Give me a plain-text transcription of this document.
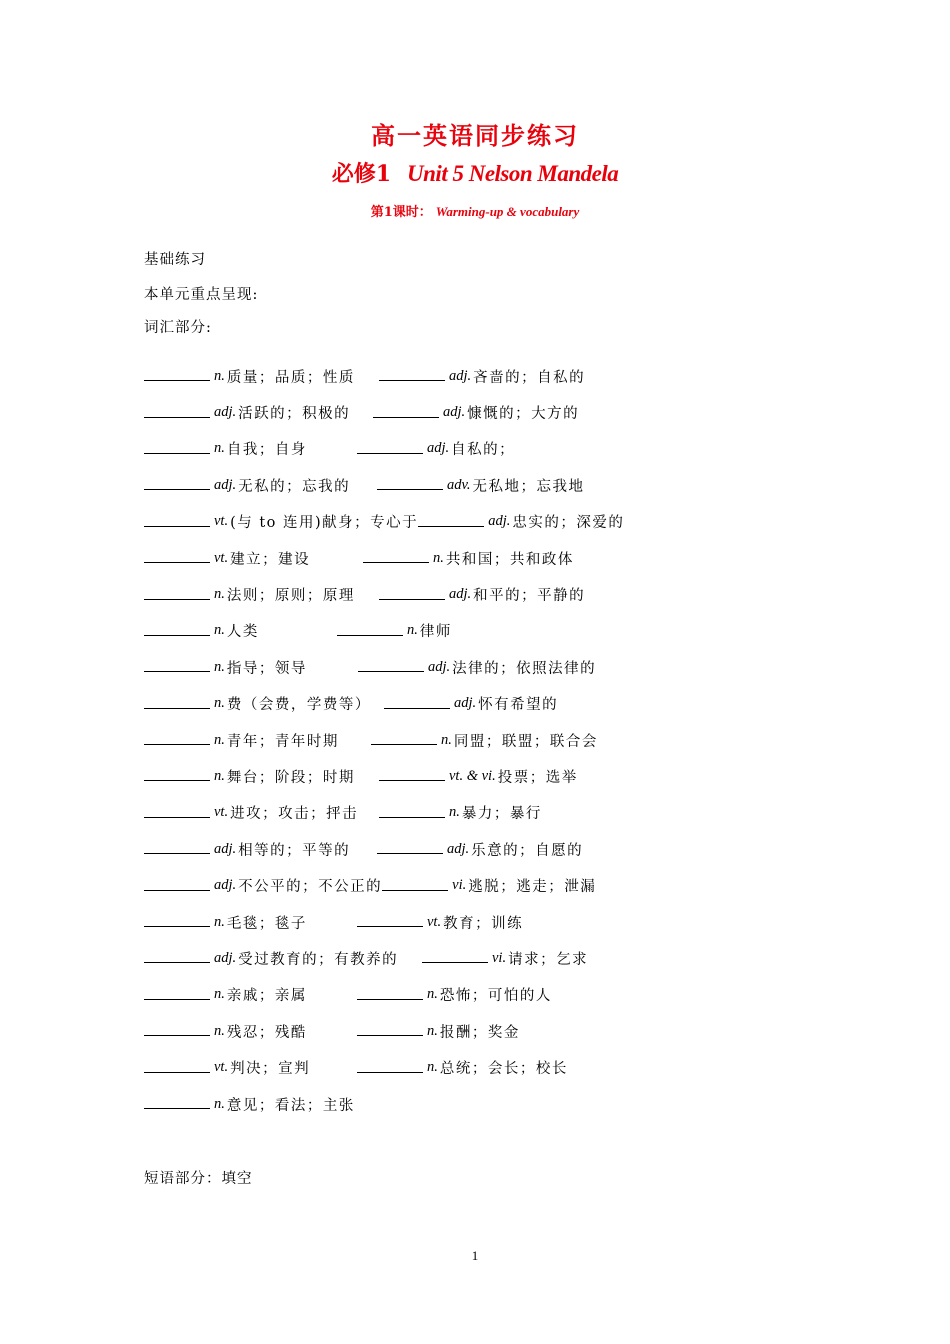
高一英语同步练习
必修1 Unit 5 Nelson Mandela
第1课时： Warming-up & vocabulary
基础练习
本单元重点呈现:
词汇部分:
n. 质量；品质；性质	adj. 吝啬的；自私的
adj. 活跃的；积极的	adj. 慷慨的；大方的
n. 自我；自身	adj. 自私的；
adj. 无私的；忘我的	adv. 无私地；忘我地
vt. (与 to 连用)献身；专心于	adj. 忠实的；深爱的
vt. 建立；建设	n. 共和国；共和政体
n. 法则；原则；原理	adj. 和平的；平静的
n. 人类	n. 律师
n. 指导；领导	adj. 法律的；依照法律的
n. 费（会费，学费等）	adj. 怀有希望的
n. 青年；青年时期	n. 同盟；联盟；联合会
n. 舞台；阶段；时期	vt. & vi. 投票；选举
vt. 进攻；攻击；抨击	n. 暴力；暴行
adj. 相等的；平等的	adj. 乐意的；自愿的
adj. 不公平的；不公正的	vi. 逃脱；逃走；泄漏
n. 毛毯；毯子	vt. 教育；训练
adj. 受过教育的；有教养的	vi. 请求；乞求
n. 亲戚；亲属	n. 恐怖；可怕的人
n. 残忍；残酷	n. 报酬；奖金
vt. 判决；宣判	n. 总统；会长；校长
n. 意见；看法；主张
短语部分：填空
1
